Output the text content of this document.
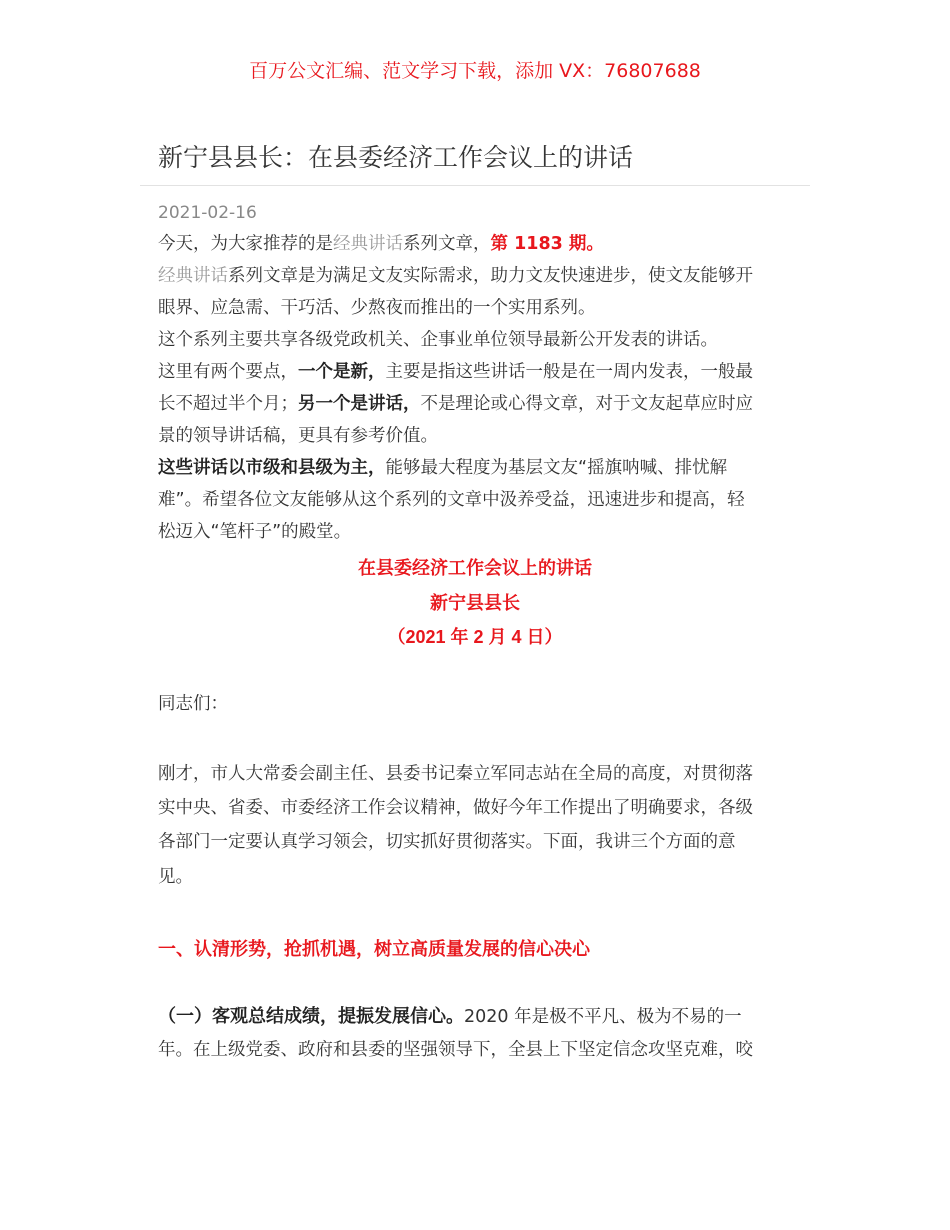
百万公文汇编、范文学习下载，添加 VX：76807688
新宁县县长：在县委经济工作会议上的讲话
2021-02-16
今天，为大家推荐的是经典讲话系列文章，第 1183 期。
经典讲话系列文章是为满足文友实际需求，助力文友快速进步，使文友能够开
眼界、应急需、干巧活、少熬夜而推出的一个实用系列。
这个系列主要共享各级党政机关、企事业单位领导最新公开发表的讲话。
这里有两个要点，一个是新，主要是指这些讲话一般是在一周内发表，一般最
长不超过半个月；另一个是讲话，不是理论或心得文章，对于文友起草应时应
景的领导讲话稿，更具有参考价值。
这些讲话以市级和县级为主，能够最大程度为基层文友“摇旗呐喊、排忧解
难”。希望各位文友能够从这个系列的文章中汲养受益，迅速进步和提高，轻
松迈入“笔杆子”的殿堂。
在县委经济工作会议上的讲话
新宁县县长
（2021 年 2 月 4 日）
同志们：
刚才，市人大常委会副主任、县委书记秦立军同志站在全局的高度，对贯彻落
实中央、省委、市委经济工作会议精神，做好今年工作提出了明确要求，各级
各部门一定要认真学习领会，切实抓好贯彻落实。下面，我讲三个方面的意
见。
一、认清形势，抢抓机遇，树立高质量发展的信心决心
（一）客观总结成绩，提振发展信心。2020 年是极不平凡、极为不易的一
年。在上级党委、政府和县委的坚强领导下，全县上下坚定信念攻坚克难，咬
